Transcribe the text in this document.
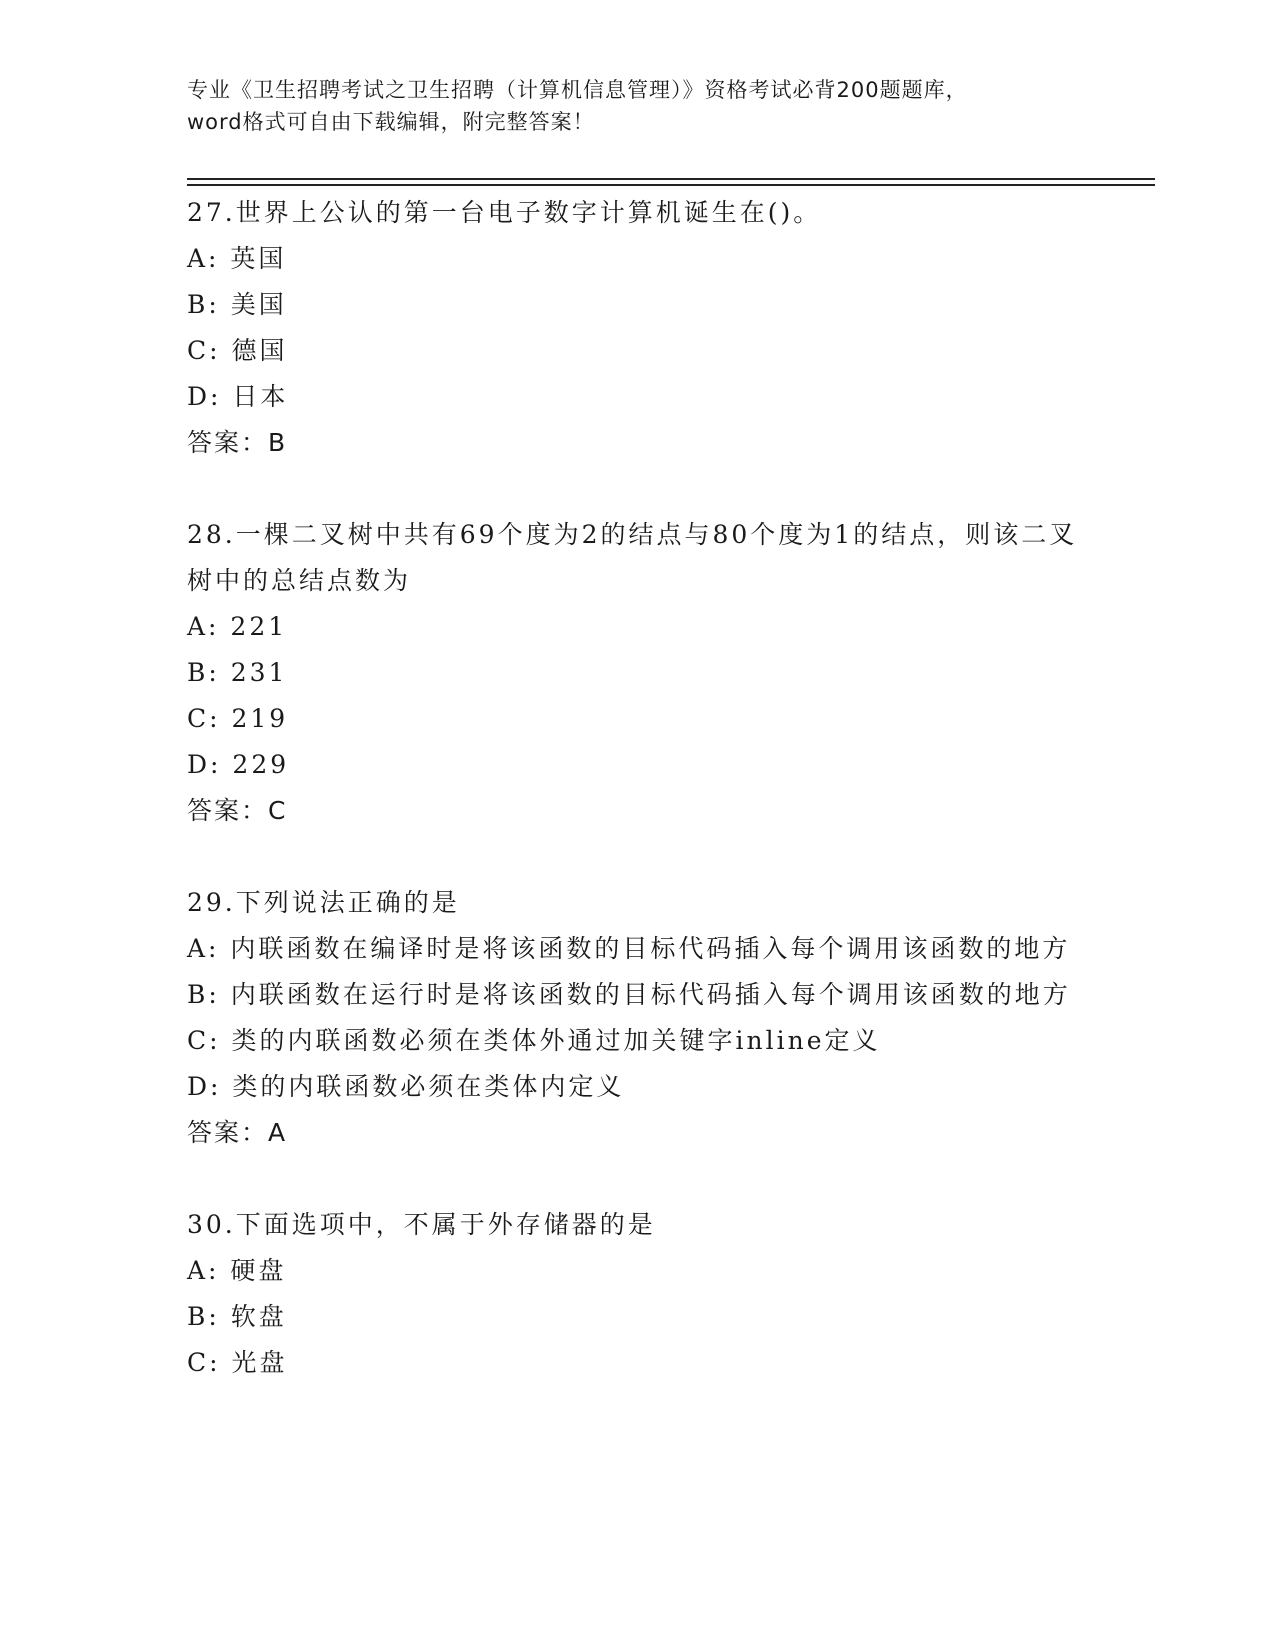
专业《卫生招聘考试之卫生招聘（计算机信息管理）》资格考试必背200题题库，
word格式可自由下载编辑，附完整答案！
27.世界上公认的第一台电子数字计算机诞生在()。
A: 英国
B: 美国
C: 德国
D: 日本
答案：B
28.一棵二叉树中共有69个度为2的结点与80个度为1的结点，则该二叉树中的总结点数为
A: 221
B: 231
C: 219
D: 229
答案：C
29.下列说法正确的是
A: 内联函数在编译时是将该函数的目标代码插入每个调用该函数的地方
B: 内联函数在运行时是将该函数的目标代码插入每个调用该函数的地方
C: 类的内联函数必须在类体外通过加关键字inline定义
D: 类的内联函数必须在类体内定义
答案：A
30.下面选项中，不属于外存储器的是
A: 硬盘
B: 软盘
C: 光盘
